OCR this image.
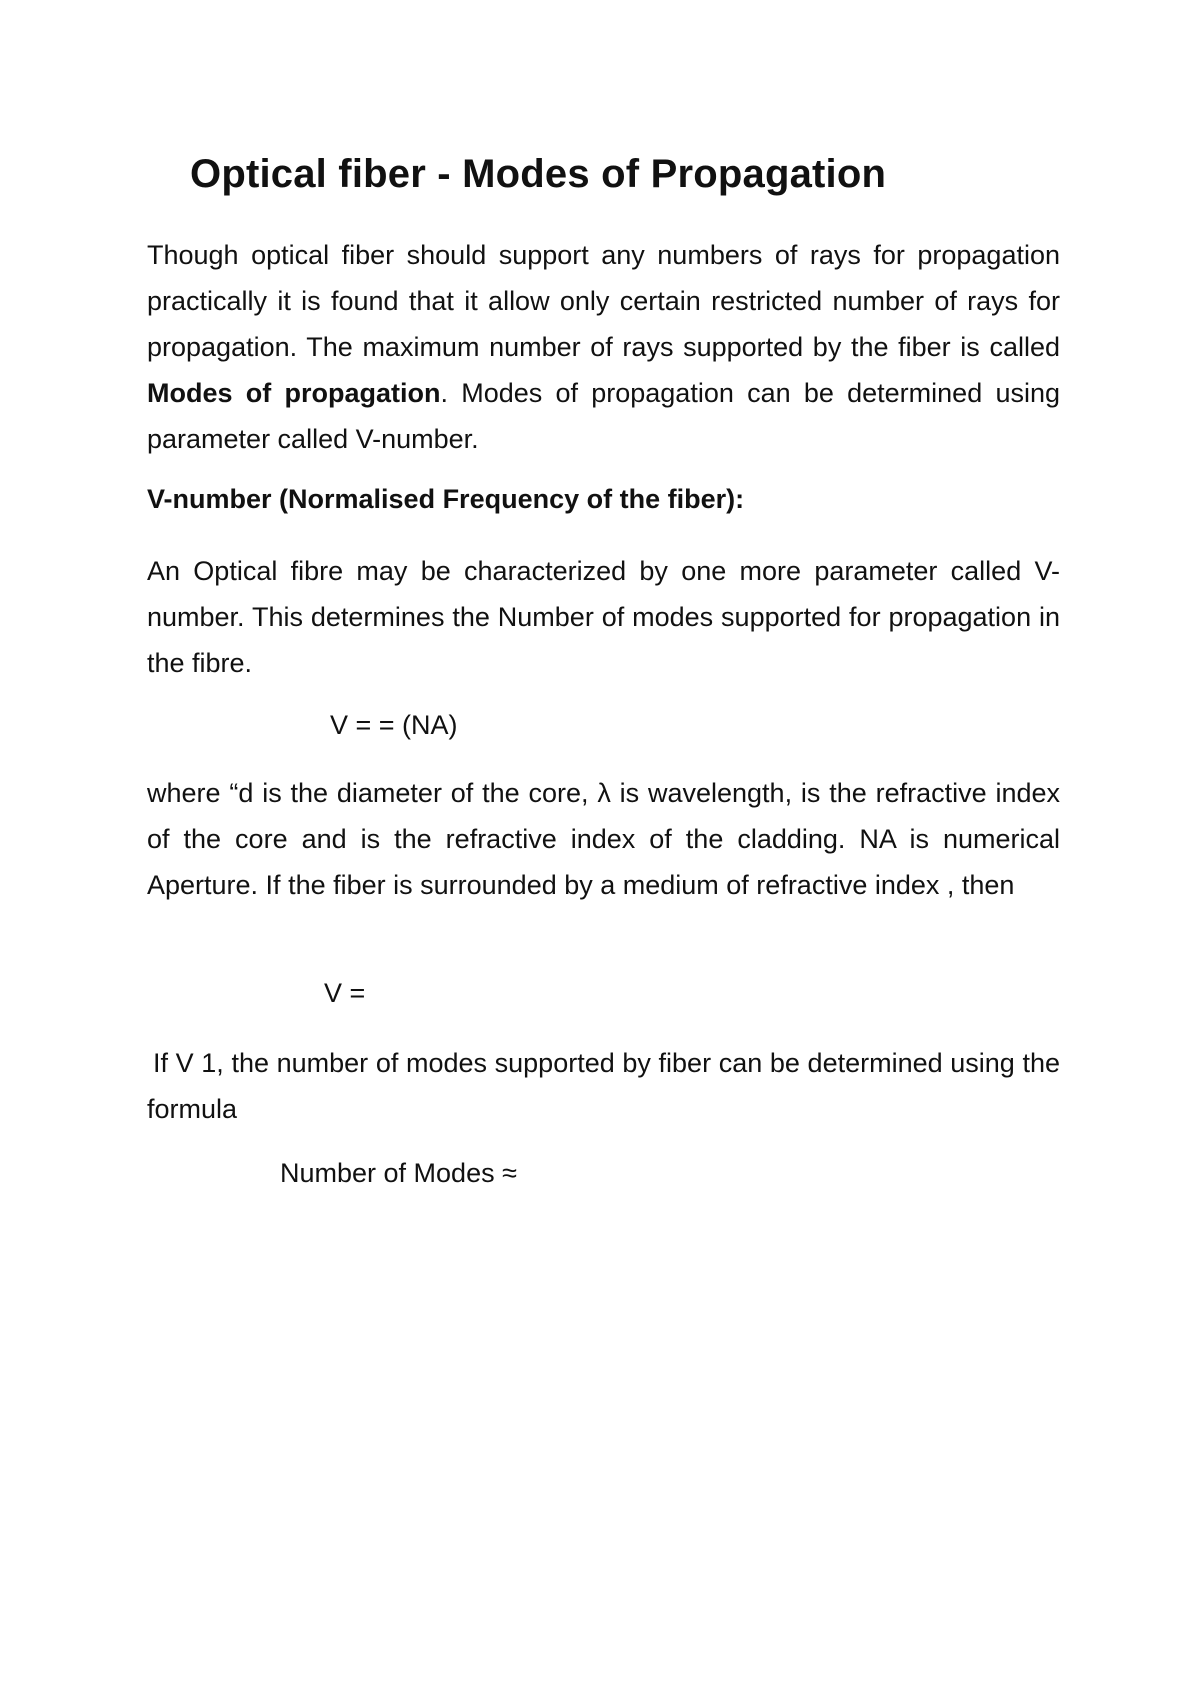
Optical fiber - Modes of Propagation
Though optical fiber should support any numbers of rays for propagation practically it is found that it allow only certain restricted number of rays for propagation. The maximum number of rays supported by the fiber is called Modes of propagation. Modes of propagation can be determined using parameter called V-number.
V-number (Normalised Frequency of the fiber):
An Optical fibre may be characterized by one more parameter called V-number. This determines the Number of modes supported for propagation in the fibre.
V = = (NA)
where “d is the diameter of the core, λ is wavelength, is the refractive index of the core and is the refractive index of the cladding. NA is numerical Aperture. If the fiber is surrounded by a medium of refractive index , then
V =
If V 1, the number of modes supported by fiber can be determined using the formula
Number of Modes ≈
